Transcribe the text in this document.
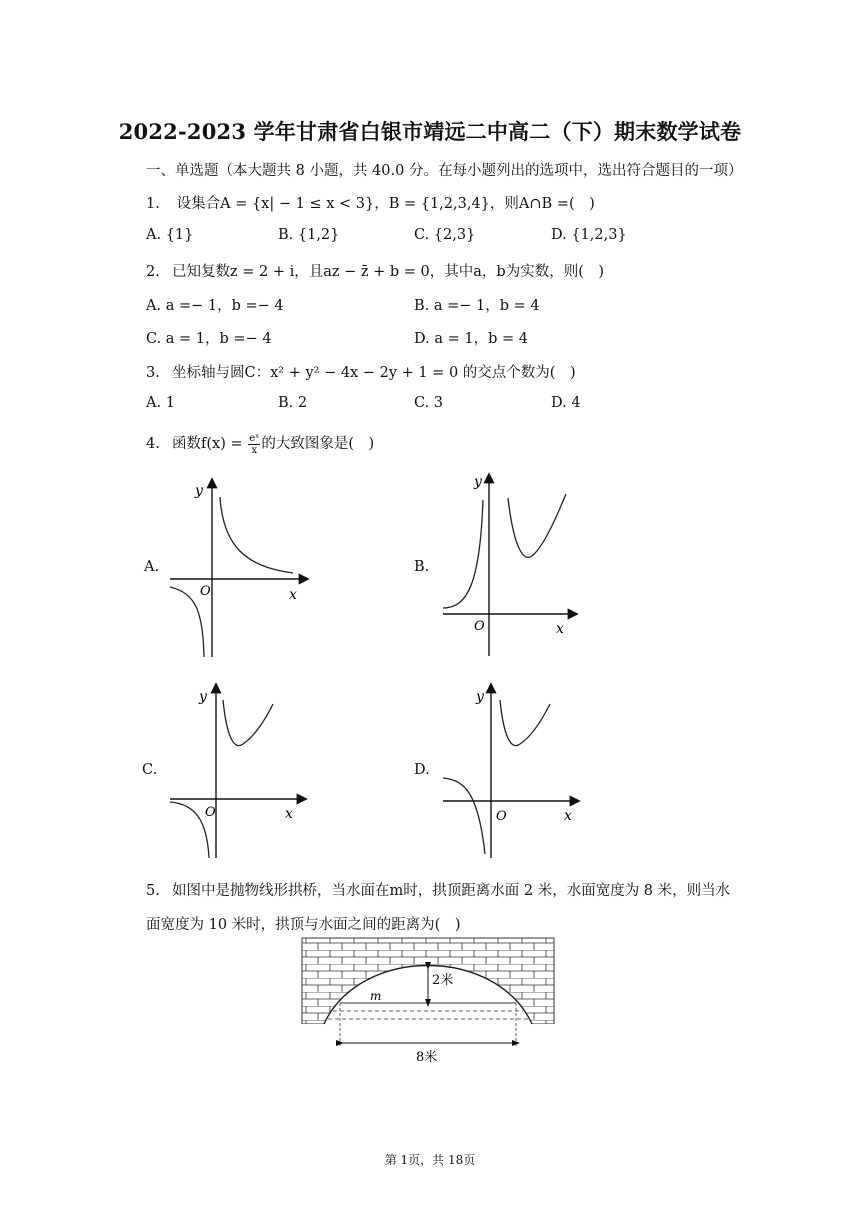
2022-2023 学年甘肃省白银市靖远二中高二（下）期末数学试卷
一、单选题（本大题共 8 小题，共 40.0 分。在每小题列出的选项中，选出符合题目的一项）
1. 设集合A = {x| − 1 ≤ x < 3}，B = {1,2,3,4}，则A∩B =(　)
A. {1}	B. {1,2}	C. {2,3}	D. {1,2,3}
2. 已知复数z = 2 + i，且az − z̄ + b = 0，其中a，b为实数，则(　)
A. a =− 1，b =− 4	B. a =− 1，b = 4
C. a = 1，b =− 4	D. a = 1，b = 4
3. 坐标轴与圆C：x² + y² − 4x − 2y + 1 = 0 的交点个数为(　)
A. 1	B. 2	C. 3	D. 4
4. 函数$f(x) = \frac{\text{eˣ}}{x}$ 的大致图象是(　)
A.	B.
C.	D.
y
O	x
y
O	x
y
O	x
y
O	x
5. 如图中是抛物线形拱桥，当水面在m时，拱顶距离水面 2 米，水面宽度为 8 米，则当水
面宽度为 10 米时，拱顶与水面之间的距离为(　)
2米
m
8米
第 1页，共 18页
